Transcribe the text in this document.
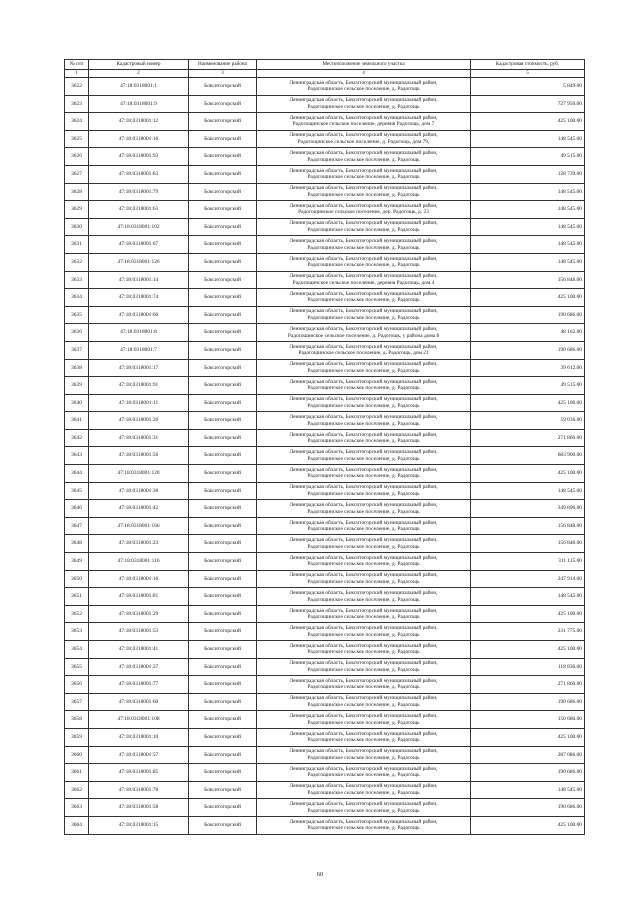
№ п/п	Кадастровый номер	Наименование района	Местоположение земельного участка	Кадастровая стоимость, руб.
1	2	3	4	5
3622	47:18:0318001:1	Бокситогорский	Ленинградская область, Бокситогорский муниципальный район,
Радогощинское сельское поселение, д. Радогощь	5 849.00
3623	47:18:0318001:9	Бокситогорский	Ленинградская область, Бокситогорский муниципальный район,
Радогощинское сельское поселение, д. Радогощь	727 950.00
3624	47:18:0318001:12	Бокситогорский	Ленинградская область, Бокситогорский муниципальный район,
Радогощинское сельское поселение, деревня Радогощь, дом 7	425 100.00
3625	47:18:0318001:16	Бокситогорский	Ленинградская область, Бокситогорский муниципальный район,
Радогощинское сельское поселение, д. Радогощь, дом 79,	148 545.00
3626	47:18:0318001:93	Бокситогорский	Ленинградская область, Бокситогорский муниципальный район,
Радогощинское сельское поселение, д. Радогощь	49 515.00
3627	47:18:0318001:83	Бокситогорский	Ленинградская область, Бокситогорский муниципальный район,
Радогощинское сельское поселение, д. Радогощь	128 739.00
3628	47:18:0318001:79	Бокситогорский	Ленинградская область, Бокситогорский муниципальный район,
Радогощинское сельское поселение, д. Радогощь	148 545.00
3629	47:18:0318001:63	Бокситогорский	Ленинградская область, Бокситогорский муниципальный район,
Радогощинское сельское поселение, дер. Радогощь, д. 23	148 545.00
3630	47:18:0318001:102	Бокситогорский	Ленинградская область, Бокситогорский муниципальный район,
Радогощинское сельское поселение, д. Радогощь	148 545.00
3631	47:18:0318001:67	Бокситогорский	Ленинградская область, Бокситогорский муниципальный район,
Радогощинское сельское поселение, д. Радогощь	148 545.00
3632	47:18:0318001:126	Бокситогорский	Ленинградская область, Бокситогорский муниципальный район,
Радогощинское сельское поселение, д. Радогощь	148 545.00
3633	47:18:0318001:14	Бокситогорский	Ленинградская область, Бокситогорский муниципальный район,
Радогощинское сельское поселение, деревня Радогощь, дом 4	156 848.00
3634	47:18:0318001:74	Бокситогорский	Ленинградская область, Бокситогорский муниципальный район,
Радогощинское сельское поселение, д. Радогощь	425 100.00
3635	47:18:0318001:66	Бокситогорский	Ленинградская область, Бокситогорский муниципальный район,
Радогощинское сельское поселение, д. Радогощь	190 686.00
3636	47:18:0318001:8	Бокситогорский	Ленинградская область, Бокситогорский муниципальный район,
Радогощинское сельское поселение, д. Радогощь, у района дома 8	48 162.00
3637	47:18:0318001:7	Бокситогорский	Ленинградская область, Бокситогорский муниципальный район,
Радогощинское сельское поселение, д. Радогощь, дом 21	190 686.00
3638	47:18:0318001:17	Бокситогорский	Ленинградская область, Бокситогорский муниципальный район,
Радогощинское сельское поселение, д. Радогощь	39 612.00
3639	47:18:0318001:91	Бокситогорский	Ленинградская область, Бокситогорский муниципальный район,
Радогощинское сельское поселение, д. Радогощь	49 515.00
3640	47:18:0318001:11	Бокситогорский	Ленинградская область, Бокситогорский муниципальный район,
Радогощинское сельское поселение, д. Радогощь	425 100.00
3641	47:18:0318001:26	Бокситогорский	Ленинградская область, Бокситогорский муниципальный район,
Радогощинское сельское поселение, д. Радогощь	59 036.00
3642	47:18:0318001:31	Бокситогорский	Ленинградская область, Бокситогорский муниципальный район,
Радогощинское сельское поселение, д. Радогощь	271 860.00
3643	47:18:0318001:56	Бокситогорский	Ленинградская область, Бокситогорский муниципальный район,
Радогощинское сельское поселение, д. Радогощь	683 900.00
3644	47:18:0318001:120	Бокситогорский	Ленинградская область, Бокситогорский муниципальный район,
Радогощинское сельское поселение, д. Радогощь	425 100.00
3645	47:18:0318001:38	Бокситогорский	Ленинградская область, Бокситогорский муниципальный район,
Радогощинское сельское поселение, д. Радогощь	148 545.00
3646	47:18:0318001:42	Бокситогорский	Ленинградская область, Бокситогорский муниципальный район,
Радогощинское сельское поселение, д. Радогощь	349 896.00
3647	47:18:0318001:166	Бокситогорский	Ленинградская область, Бокситогорский муниципальный район,
Радогощинское сельское поселение, д. Радогощь	156 848.00
3648	47:18:0318001:23	Бокситогорский	Ленинградская область, Бокситогорский муниципальный район,
Радогощинское сельское поселение, д. Радогощь	156 848.00
3649	47:18:0318001:116	Бокситогорский	Ленинградская область, Бокситогорский муниципальный район,
Радогощинское сельское поселение, д. Радогощь	311 115.00
3650	47:18:0318001:16	Бокситогорский	Ленинградская область, Бокситогорский муниципальный район,
Радогощинское сельское поселение, д. Радогощь	247 914.00
3651	47:18:0318001:81	Бокситогорский	Ленинградская область, Бокситогорский муниципальный район,
Радогощинское сельское поселение, д. Радогощь	148 545.00
3652	47:18:0318001:29	Бокситогорский	Ленинградская область, Бокситогорский муниципальный район,
Радогощинское сельское поселение, д. Радогощь	425 100.00
3653	47:18:0318001:53	Бокситогорский	Ленинградская область, Бокситогорский муниципальный район,
Радогощинское сельское поселение, д. Радогощь	231 775.00
3654	47:18:0318001:41	Бокситогорский	Ленинградская область, Бокситогорский муниципальный район,
Радогощинское сельское поселение, д. Радогощь	425 100.00
3655	47:18:0318001:37	Бокситогорский	Ленинградская область, Бокситогорский муниципальный район,
Радогощинское сельское поселение, д. Радогощь	118 836.00
3656	47:18:0318001:77	Бокситогорский	Ленинградская область, Бокситогорский муниципальный район,
Радогощинское сельское поселение, д. Радогощь	271 860.00
3657	47:18:0318001:60	Бокситогорский	Ленинградская область, Бокситогорский муниципальный район,
Радогощинское сельское поселение, д. Радогощь	190 686.00
3658	47:18:0318001:108	Бокситогорский	Ленинградская область, Бокситогорский муниципальный район,
Радогощинское сельское поселение, д. Радогощь	150 680.00
3659	47:18:0318001:10	Бокситогорский	Ленинградская область, Бокситогорский муниципальный район,
Радогощинское сельское поселение, д. Радогощь	425 100.00
3660	47:18:0318001:57	Бокситогорский	Ленинградская область, Бокситогорский муниципальный район,
Радогощинское сельское поселение, д. Радогощь	287 086.00
3661	47:18:0318001:85	Бокситогорский	Ленинградская область, Бокситогорский муниципальный район,
Радогощинское сельское поселение, д. Радогощь	190 686.00
3662	47:18:0318001:78	Бокситогорский	Ленинградская область, Бокситогорский муниципальный район,
Радогощинское сельское поселение, д. Радогощь	148 545.00
3663	47:18:0318001:58	Бокситогорский	Ленинградская область, Бокситогорский муниципальный район,
Радогощинское сельское поселение, д. Радогощь	190 686.00
3664	47:18:0318001:15	Бокситогорский	Ленинградская область, Бокситогорский муниципальный район,
Радогощинское сельское поселение, д. Радогощь	425 100.00
60
